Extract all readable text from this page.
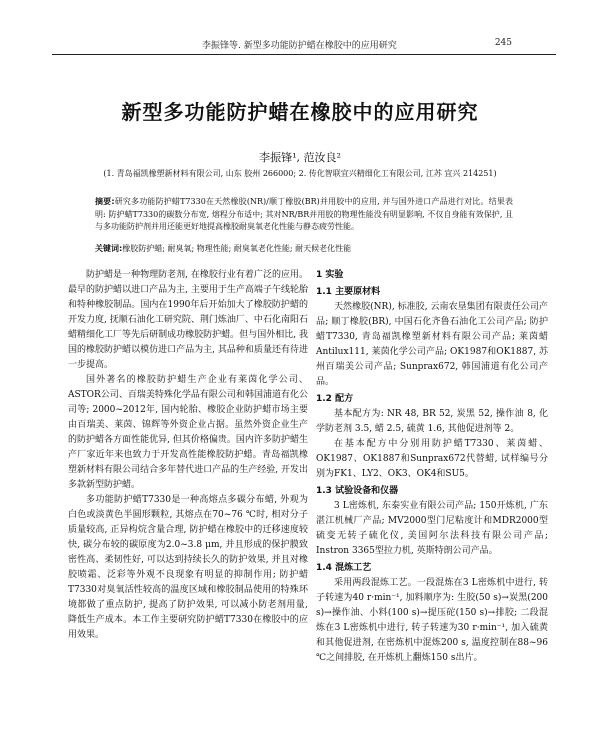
李振锋等. 新型多功能防护蜡在橡胶中的应用研究	245
新型多功能防护蜡在橡胶中的应用研究
李振锋¹, 范汝良²
(1. 青岛福凯橡塑新材料有限公司, 山东 胶州 266000; 2. 传化智联宜兴精细化工有限公司, 江苏 宜兴 214251)

摘要:研究多功能防护蜡T7330在天然橡胶(NR)/顺丁橡胶(BR)并用胶中的应用, 并与国外进口产品进行对比。结果表明: 防护蜡T7330的碳数分布宽, 熔程分布适中; 其对NR/BR并用胶的物理性能没有明显影响, 不仅自身能有效保护, 且与多功能防护剂并用还能更好地提高橡胶耐臭氧老化性能与静态疲劳性能。

关键词:橡胶防护蜡; 耐臭氧; 物理性能; 耐臭氧老化性能; 耐天候老化性能

防护蜡是一种物理防老剂, 在橡胶行业有着广泛的应用。最早的防护蜡以进口产品为主, 主要用于生产高端子午线轮胎和特种橡胶制品。国内在1990年后开始加大了橡胶防护蜡的开发力度, 抚顺石油化工研究院、荆门炼油厂、中石化南阳石蜡精细化工厂等先后研制成功橡胶防护蜡。但与国外相比, 我国的橡胶防护蜡以模仿进口产品为主, 其品种和质量还有待进一步提高。

国外著名的橡胶防护蜡生产企业有莱茵化学公司、ASTOR公司、百瑞美特殊化学品有限公司和韩国浦道有化公司等; 2000~2012年, 国内轮胎、橡胶企业防护蜡市场主要由百瑞美、莱茵、锦辉等外资企业占据。虽然外资企业生产的防护蜡各方面性能优异, 但其价格偏贵。国内许多防护蜡生产厂家近年来也致力于开发高性能橡胶防护蜡。青岛福凯橡塑新材料有限公司结合多年替代进口产品的生产经验, 开发出多款新型防护蜡。

多功能防护蜡T7330是一种高熔点多碳分布蜡, 外观为白色或淡黄色半圆形颗粒, 其熔点在70~76 ℃时, 相对分子质量较高, 正异构烷含量合理, 防护蜡在橡胶中的迁移速度较快, 碳分布较的碳原度为2.0~3.8 μm, 并且形成的保护膜致密性高、柔韧性好, 可以达到持续长久的防护效果, 并且对橡胶喷霜、泛彩等外观不良现象有明显的抑制作用; 防护蜡T7330对臭氧活性较高的温度区域和橡胶制品使用的特殊环境都做了重点防护, 提高了防护效果, 可以减小防老剂用量, 降低生产成本。本工作主要研究防护蜡T7330在橡胶中的应用效果。

1 实验
1.1 主要原材料

天然橡胶(NR), 标准胶, 云南农垦集团有限责任公司产品; 顺丁橡胶(BR), 中国石化齐鲁石油化工公司产品; 防护蜡T7330, 青岛福凯橡塑新材料有限公司产品; 莱茵蜡Antilux111, 莱茵化学公司产品; OK1987和OK1887, 苏州百瑞美公司产品; Sunprax672, 韩国浦道有化公司产品。

1.2 配方

基本配方为: NR 48, BR 52, 炭黑 52, 操作油 8, 化学防老剂 3.5, 蜡 2.5, 硫黄 1.6, 其他促进剂等 2。

在基本配方中分别用防护蜡T7330、莱茵蜡、OK1987、OK1887和Sunprax672代替蜡, 试样编号分别为FK1、LY2、OK3、OK4和SU5。

1.3 试验设备和仪器

3 L密炼机, 东泰实业有限公司产品; 150开炼机, 广东湛江机械厂产品; MV2000型门尼粘度计和MDR2000型硫变无转子硫化仪, 美国阿尔法科技有限公司产品; Instron 3365型拉力机, 英斯特朗公司产品。

1.4 混炼工艺

采用两段混炼工艺。一段混炼在3 L密炼机中进行, 转子转速为40 r·min⁻¹, 加料顺序为: 生胶(50 s)→炭黑(200 s)→操作油、小料(100 s)→提压砣(150 s)→排胶; 二段混炼在3 L密炼机中进行, 转子转速为30 r·min⁻¹, 加入硫黄和其他促进剂, 在密炼机中混炼200 s, 温度控制在88~96 ℃之间排胶, 在开炼机上翻炼150 s出片。
